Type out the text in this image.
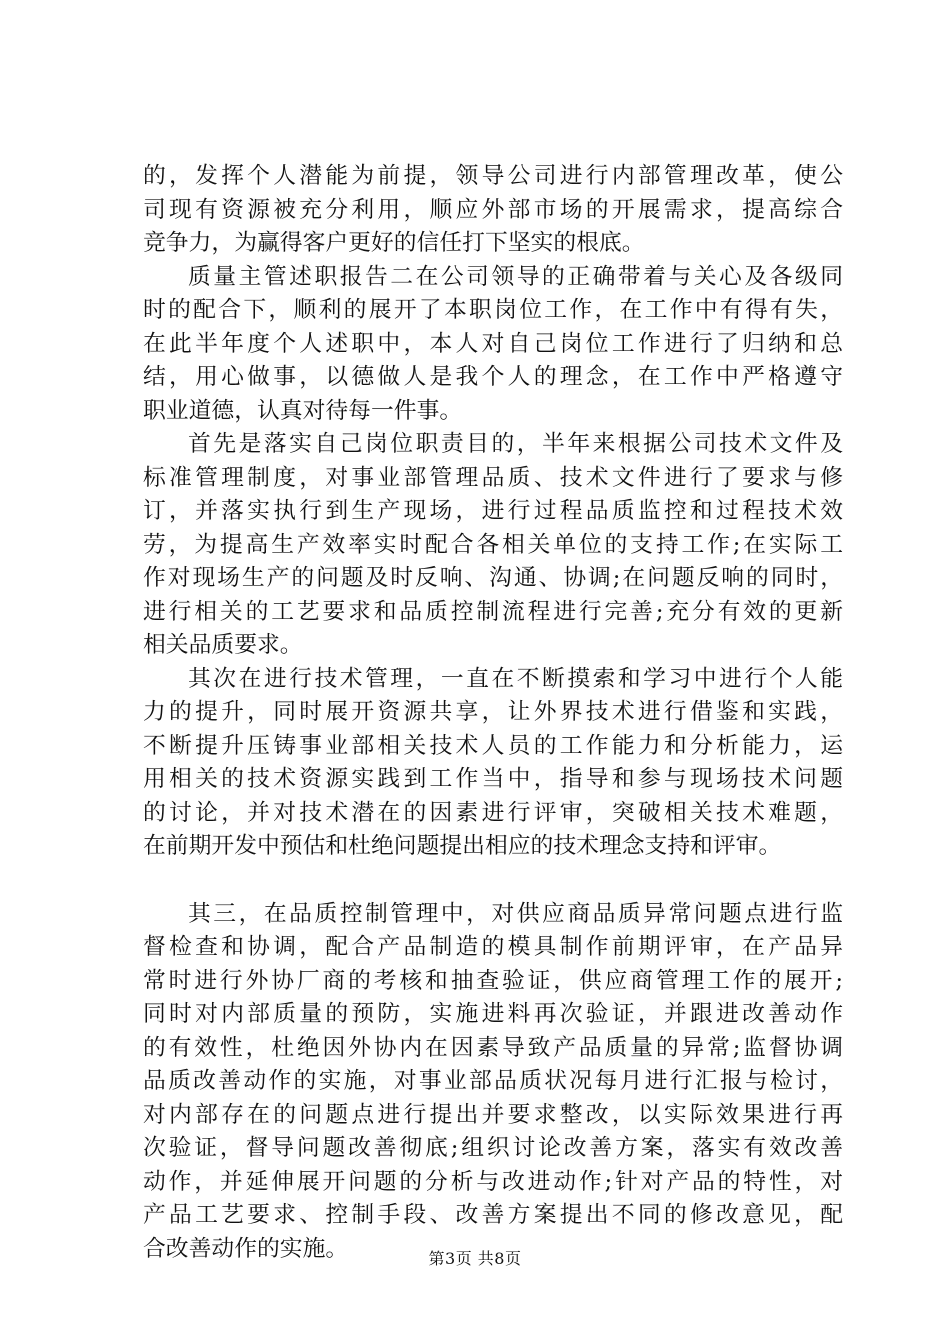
的，发挥个人潜能为前提，领导公司进行内部管理改革，使公
司现有资源被充分利用，顺应外部市场的开展需求，提高综合
竞争力，为赢得客户更好的信任打下坚实的根底。
质量主管述职报告二在公司领导的正确带着与关心及各级同
时的配合下，顺利的展开了本职岗位工作，在工作中有得有失，
在此半年度个人述职中，本人对自己岗位工作进行了归纳和总
结，用心做事，以德做人是我个人的理念，在工作中严格遵守
职业道德，认真对待每一件事。
首先是落实自己岗位职责目的，半年来根据公司技术文件及
标准管理制度，对事业部管理品质、技术文件进行了要求与修
订，并落实执行到生产现场，进行过程品质监控和过程技术效
劳，为提高生产效率实时配合各相关单位的支持工作;在实际工
作对现场生产的问题及时反响、沟通、协调;在问题反响的同时，
进行相关的工艺要求和品质控制流程进行完善;充分有效的更新
相关品质要求。
其次在进行技术管理，一直在不断摸索和学习中进行个人能
力的提升，同时展开资源共享，让外界技术进行借鉴和实践，
不断提升压铸事业部相关技术人员的工作能力和分析能力，运
用相关的技术资源实践到工作当中，指导和参与现场技术问题
的讨论，并对技术潜在的因素进行评审，突破相关技术难题，
在前期开发中预估和杜绝问题提出相应的技术理念支持和评审。
其三，在品质控制管理中，对供应商品质异常问题点进行监
督检查和协调，配合产品制造的模具制作前期评审，在产品异
常时进行外协厂商的考核和抽查验证，供应商管理工作的展开;
同时对内部质量的预防，实施进料再次验证，并跟进改善动作
的有效性，杜绝因外协内在因素导致产品质量的异常;监督协调
品质改善动作的实施，对事业部品质状况每月进行汇报与检讨，
对内部存在的问题点进行提出并要求整改，以实际效果进行再
次验证，督导问题改善彻底;组织讨论改善方案，落实有效改善
动作，并延伸展开问题的分析与改进动作;针对产品的特性，对
产品工艺要求、控制手段、改善方案提出不同的修改意见，配
合改善动作的实施。	第3页 共8页
